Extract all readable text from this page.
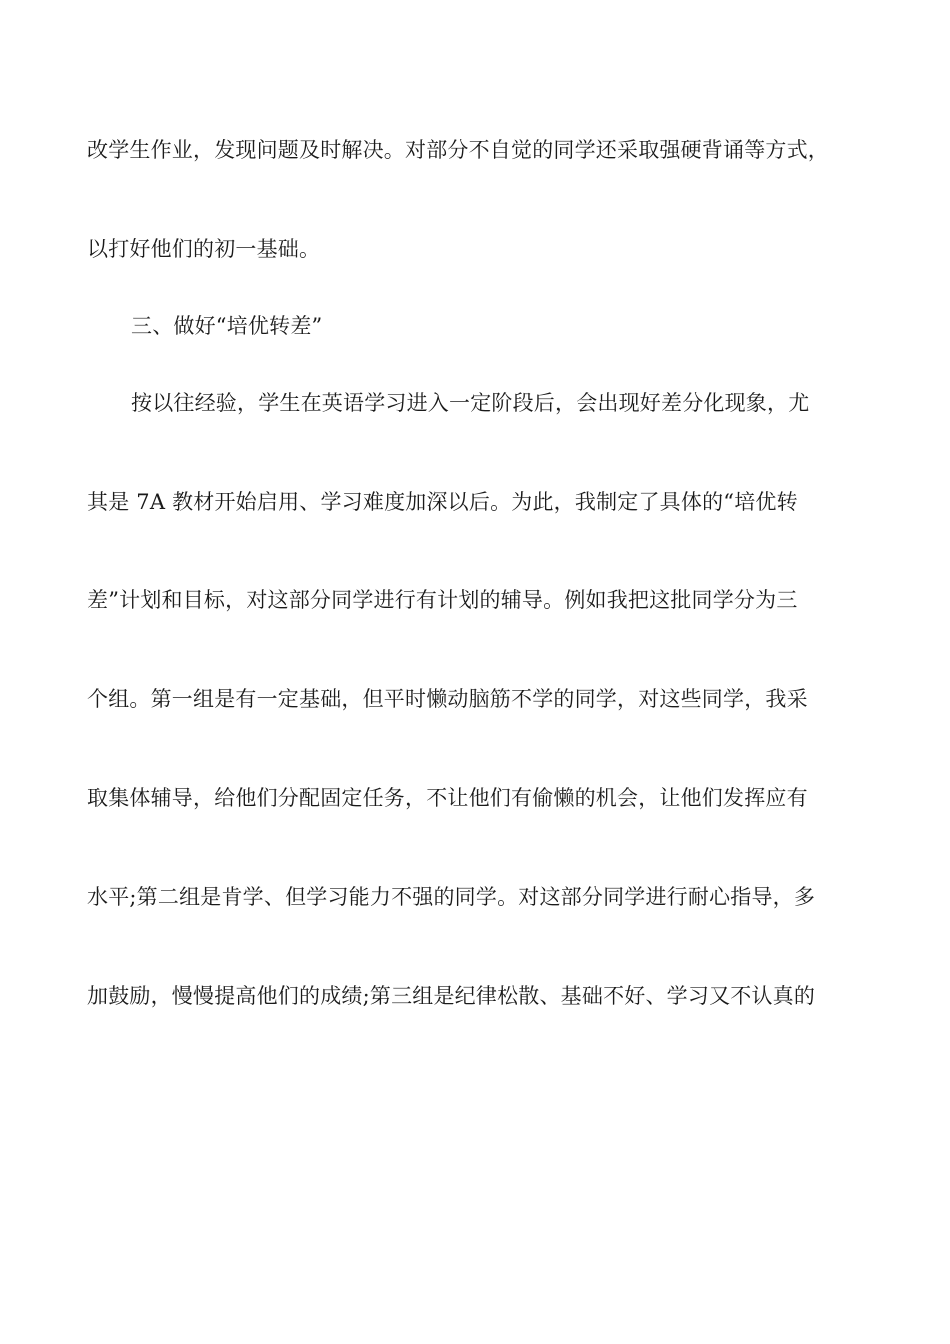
改学生作业，发现问题及时解决。对部分不自觉的同学还采取强硬背诵等方式，
以打好他们的初一基础。
三、做好“培优转差”
按以往经验，学生在英语学习进入一定阶段后，会出现好差分化现象，尤
其是 7A 教材开始启用、学习难度加深以后。为此，我制定了具体的“培优转
差”计划和目标，对这部分同学进行有计划的辅导。例如我把这批同学分为三
个组。第一组是有一定基础，但平时懒动脑筋不学的同学，对这些同学，我采
取集体辅导，给他们分配固定任务，不让他们有偷懒的机会，让他们发挥应有
水平;第二组是肯学、但学习能力不强的同学。对这部分同学进行耐心指导，多
加鼓励，慢慢提高他们的成绩;第三组是纪律松散、基础不好、学习又不认真的
